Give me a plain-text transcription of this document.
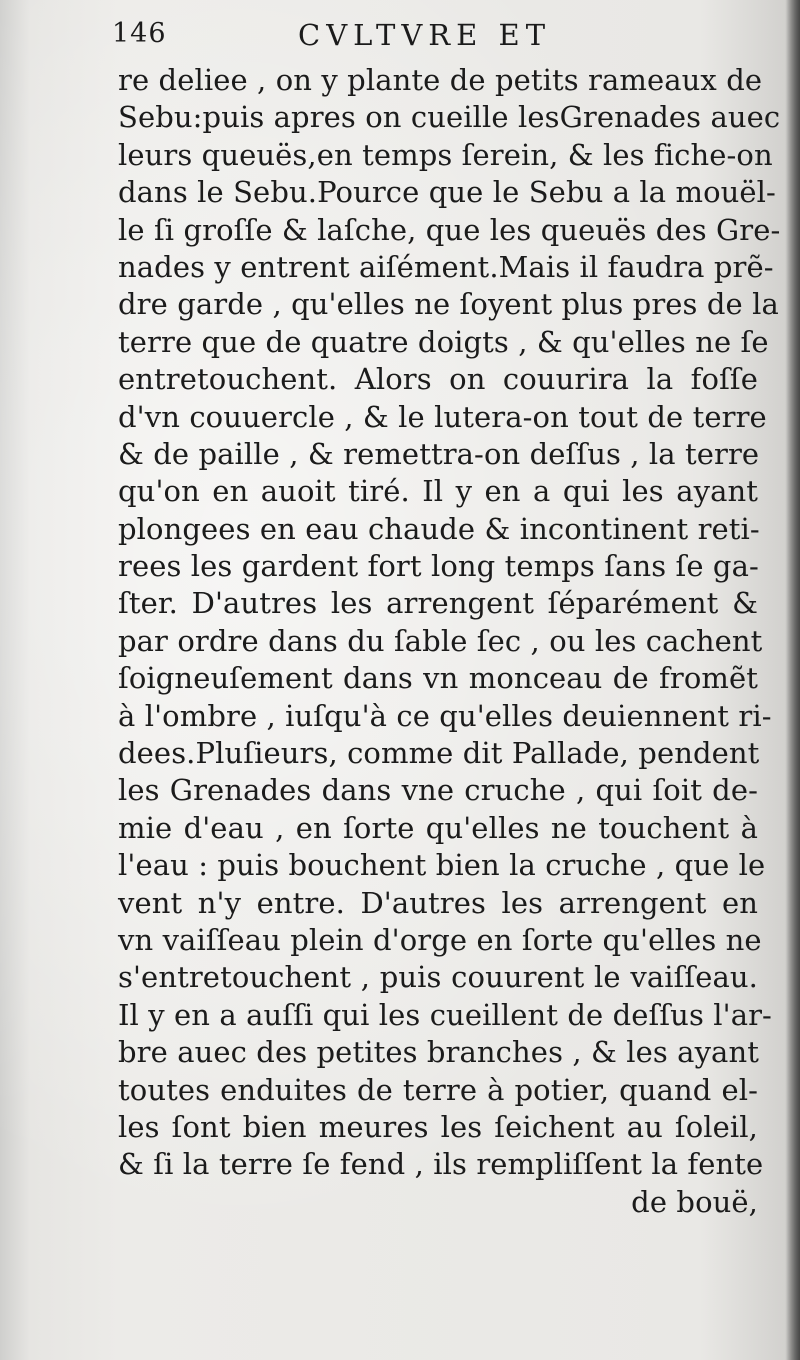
146	CVLTVRE ET
re deliee , on y plante de petits rameaux de
Sebu:puis apres on cueille lesGrenades auec
leurs queuës,en temps ſerein, & les fiche-on
dans le Sebu.Pource que le Sebu a la mouël-
le ſi groſſe & laſche, que les queuës des Gre-
nades y entrent aiſément.Mais il faudra prẽ-
dre garde , qu'elles ne ſoyent plus pres de la
terre que de quatre doigts , & qu'elles ne ſe
entretouchent. Alors on couurira la foſſe
d'vn couuercle , & le lutera-on tout de terre
& de paille , & remettra-on deſſus , la terre
qu'on en auoit tiré. Il y en a qui les ayant
plongees en eau chaude & incontinent reti-
rees les gardent fort long temps ſans ſe ga-
ſter. D'autres les arrengent ſéparément &
par ordre dans du ſable ſec , ou les cachent
ſoigneuſement dans vn monceau de fromẽt
à l'ombre , iuſqu'à ce qu'elles deuiennent ri-
dees.Pluſieurs, comme dit Pallade, pendent
les Grenades dans vne cruche , qui ſoit de-
mie d'eau , en ſorte qu'elles ne touchent à
l'eau : puis bouchent bien la cruche , que le
vent n'y entre. D'autres les arrengent en
vn vaiſſeau plein d'orge en ſorte qu'elles ne
s'entretouchent , puis couurent le vaiſſeau.
Il y en a auſſi qui les cueillent de deſſus l'ar-
bre auec des petites branches , & les ayant
toutes enduites de terre à potier, quand el-
les ſont bien meures les ſeichent au ſoleil,
& ſi la terre ſe fend , ils rempliſſent la fente
de bouë,
